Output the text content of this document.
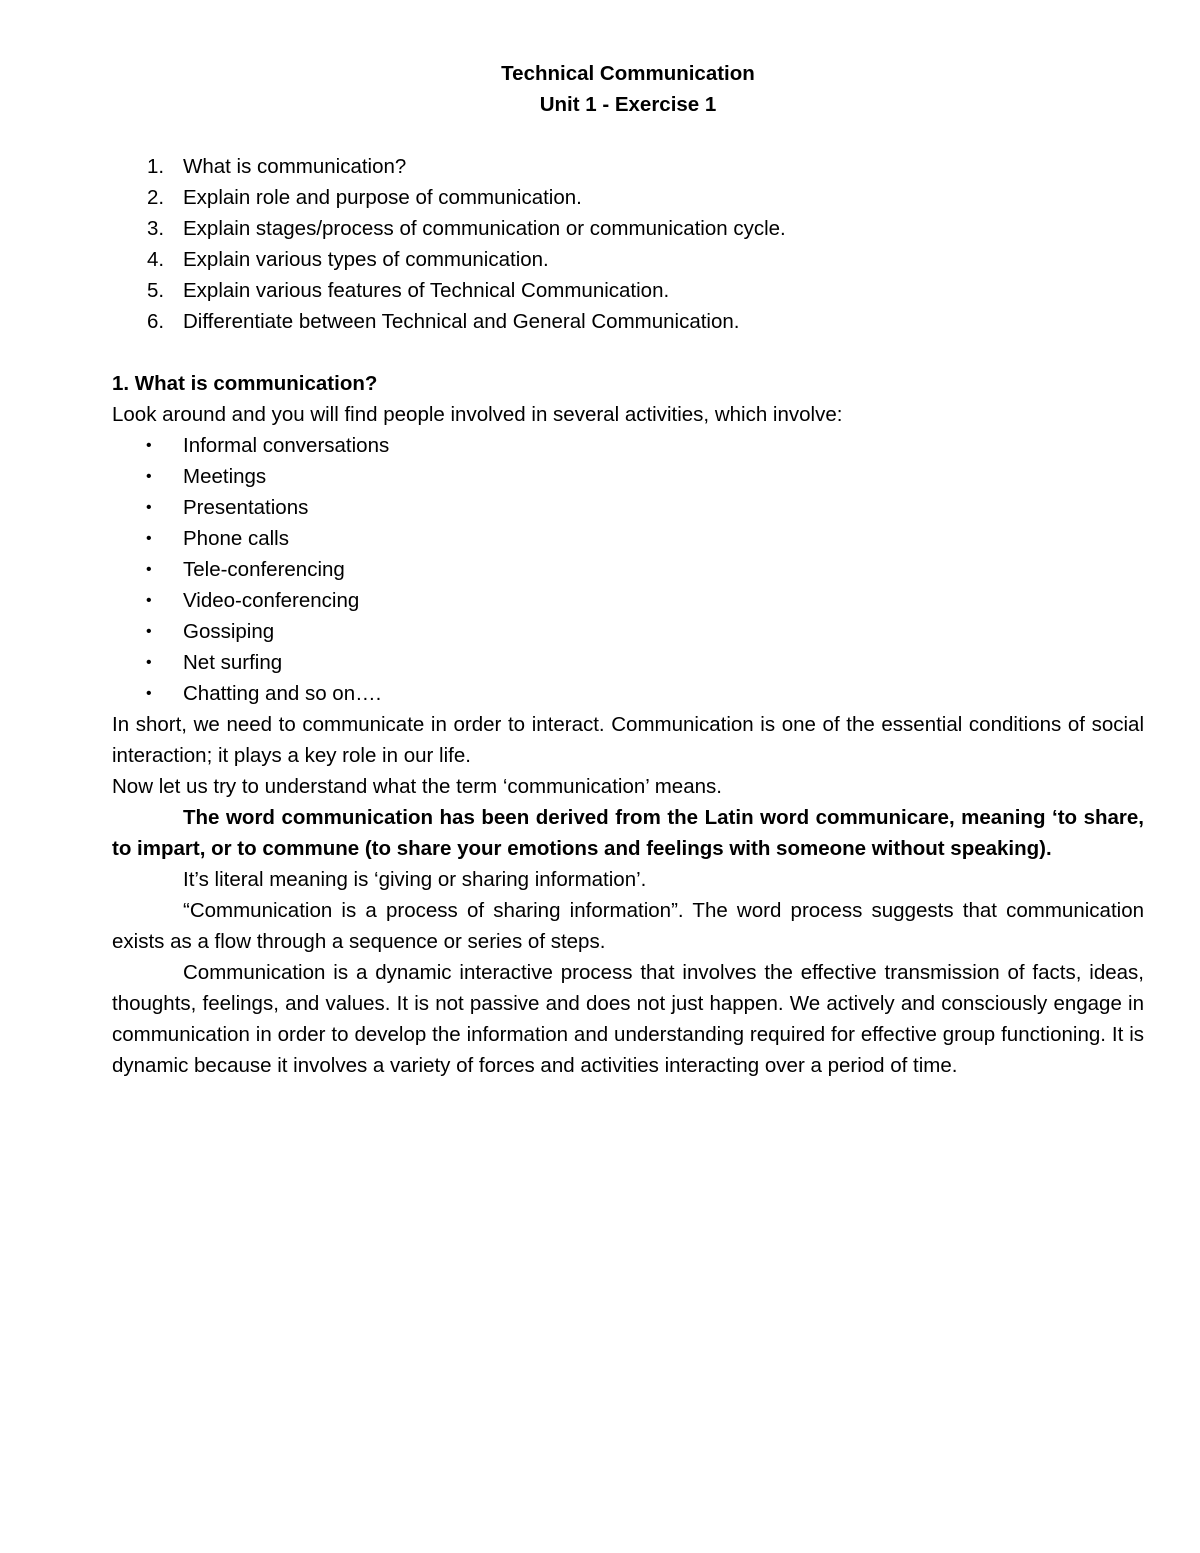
Technical Communication

Unit 1 - Exercise 1

1. What is communication?
2. Explain role and purpose of communication.
3. Explain stages/process of communication or communication cycle.
4. Explain various types of communication.
5. Explain various features of Technical Communication.
6. Differentiate between Technical and General Communication.

1. What is communication?

Look around and you will find people involved in several activities, which involve:

• Informal conversations
• Meetings
• Presentations
• Phone calls
• Tele-conferencing
• Video-conferencing
• Gossiping
• Net surfing
• Chatting and so on….

In short, we need to communicate in order to interact. Communication is one of the essential conditions of social interaction; it plays a key role in our life.

Now let us try to understand what the term ‘communication’ means.

The word communication has been derived from the Latin word communicare, meaning ‘to share, to impart, or to commune (to share your emotions and feelings with someone without speaking).

It’s literal meaning is ‘giving or sharing information’.

“Communication is a process of sharing information”. The word process suggests that communication exists as a flow through a sequence or series of steps.

Communication is a dynamic interactive process that involves the effective transmission of facts, ideas, thoughts, feelings, and values. It is not passive and does not just happen. We actively and consciously engage in communication in order to develop the information and understanding required for effective group functioning. It is dynamic because it involves a variety of forces and activities interacting over a period of time.
